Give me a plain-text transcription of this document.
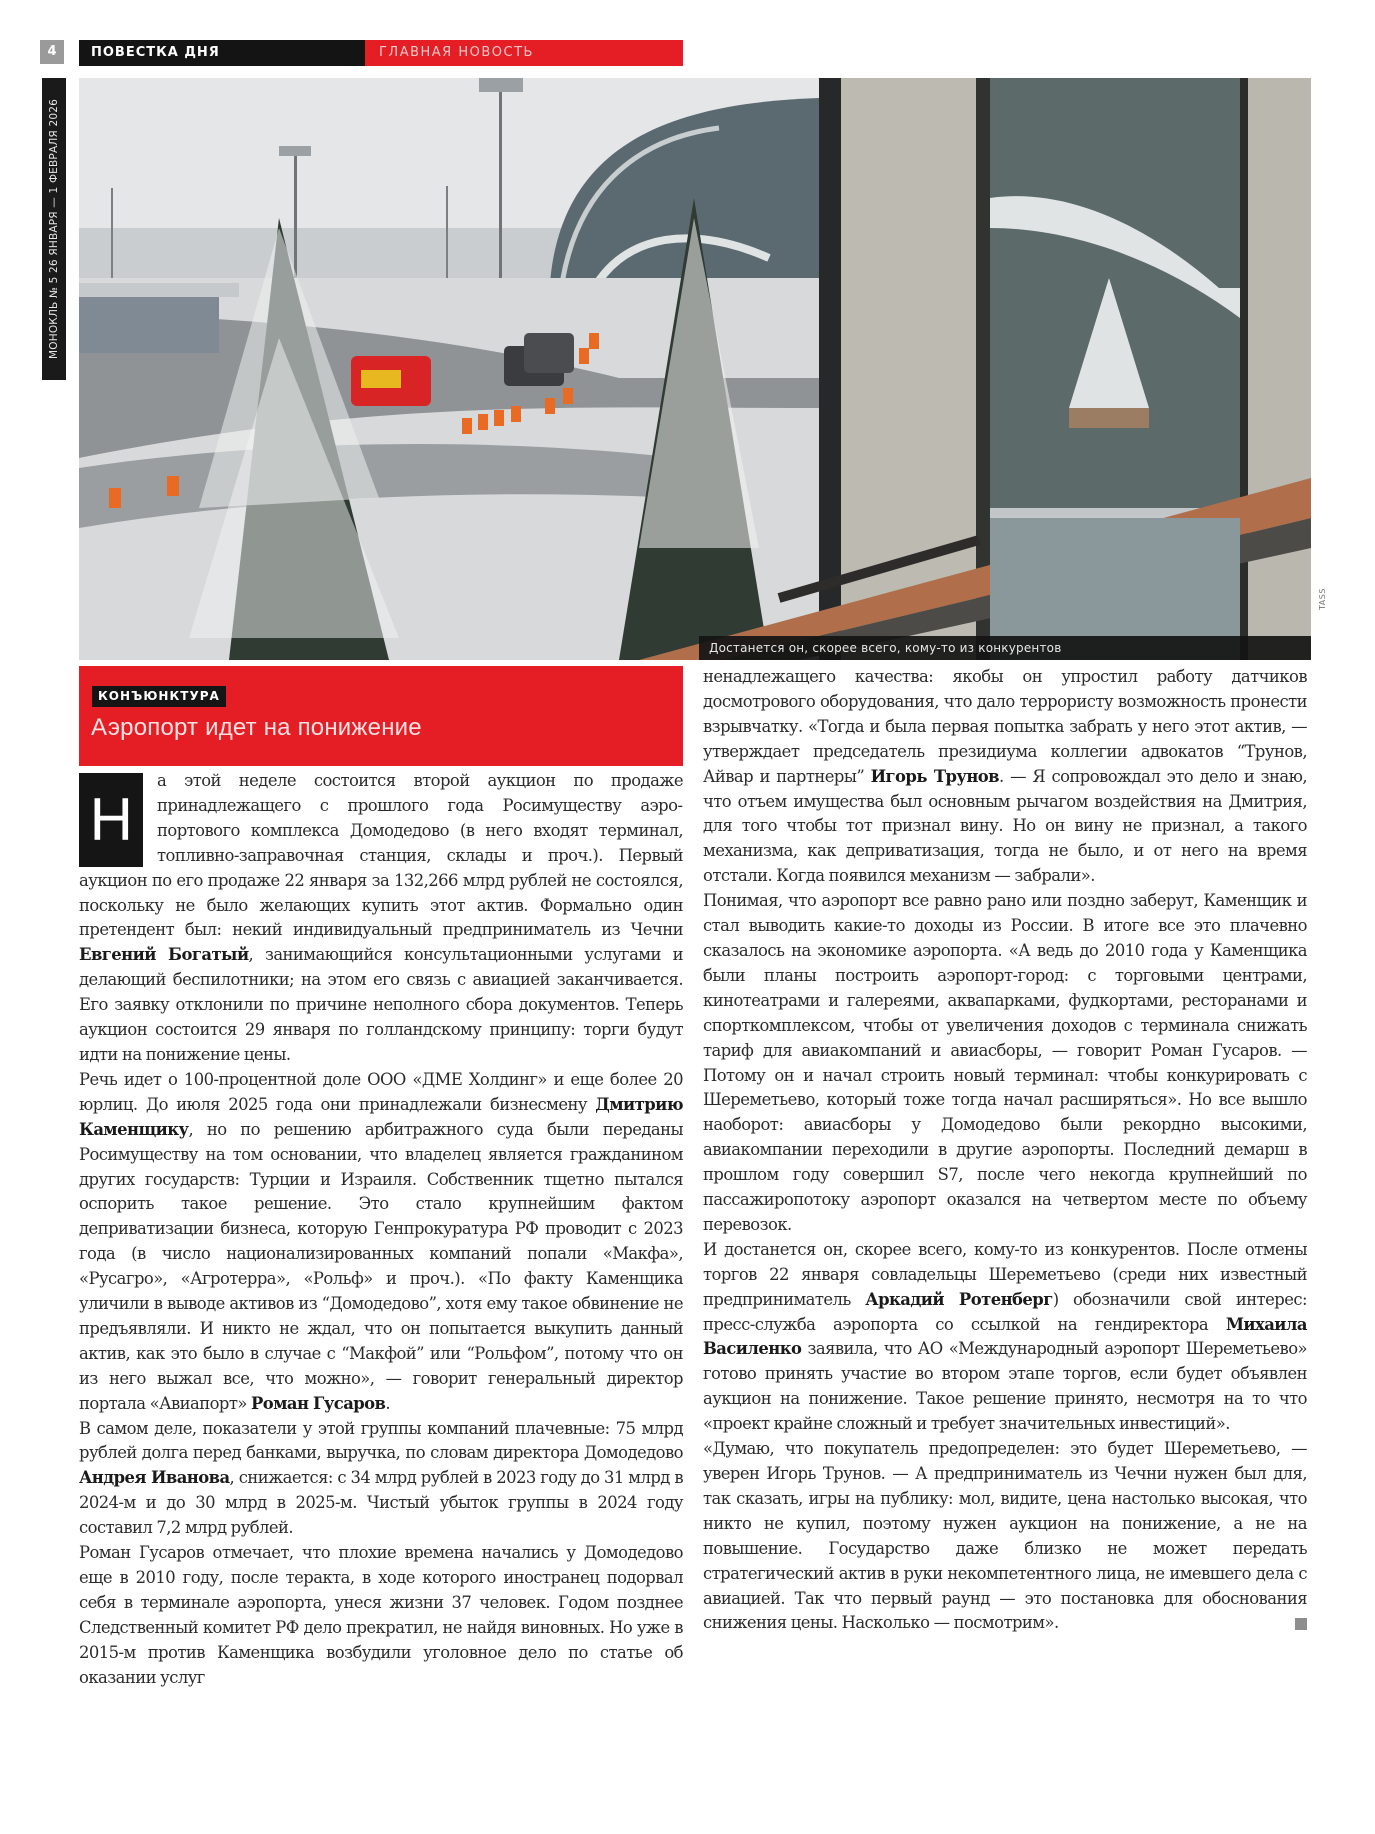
4	ПОВЕСТКА ДНЯ	ГЛАВНАЯ НОВОСТЬ
МОНОКЛЬ № 5 26 ЯНВАРЯ — 1 ФЕВРАЛЯ 2026
TASS
Достанется он, скорее всего, кому-то из конкурентов
КОНЪЮНКТУРА
Аэропорт идет на понижение

Н
а этой неделе состоится второй аукцион по продаже принадлежащего с прошлого года Росимуществу аэропортового комплекса Домодедово (в него входят терминал, топливно-заправочная станция, склады и проч.). Первый аукцион по его продаже 22 января за 132,266 млрд рублей не состоялся, поскольку не было желающих купить этот актив. Формально один претендент был: некий индивидуальный предприниматель из Чечни Евгений Богатый, занимающийся консультационными услугами и делающий беспилотники; на этом его связь с авиацией заканчивается. Его заявку отклонили по причине неполного сбора документов. Теперь аукцион состоится 29 января по голландскому принципу: торги будут идти на понижение цены.

Речь идет о 100-процентной доле ООО «ДМЕ Холдинг» и еще более 20 юрлиц. До июля 2025 года они принадлежали бизнесмену Дмитрию Каменщику, но по решению арбитражного суда были переданы Росимуществу на том основании, что владелец является гражданином других государств: Турции и Израиля. Собственник тщетно пытался оспорить такое решение. Это стало крупнейшим фактом деприватизации бизнеса, которую Генпрокуратура РФ проводит с 2023 года (в число национализированных компаний попали «Макфа», «Русагро», «Агротерра», «Рольф» и проч.). «По факту Каменщика уличили в выводе активов из “Домодедово”, хотя ему такое обвинение не предъявляли. И никто не ждал, что он попытается выкупить данный актив, как это было в случае с “Макфой” или “Рольфом”, потому что он из него выжал все, что можно», — говорит генеральный директор портала «Авиапорт» Роман Гусаров.

В самом деле, показатели у этой группы компаний плачевные: 75 млрд рублей долга перед банками, выручка, по словам директора Домодедово Андрея Иванова, снижается: с 34 млрд рублей в 2023 году до 31 млрд в 2024-м и до 30 млрд в 2025-м. Чистый убыток группы в 2024 году составил 7,2 млрд рублей.

Роман Гусаров отмечает, что плохие времена начались у Домодедово еще в 2010 году, после теракта, в ходе которого иностранец подорвал себя в терминале аэропорта, унеся жизни 37 человек. Годом позднее Следственный комитет РФ дело прекратил, не найдя виновных. Но уже в 2015-м против Каменщика возбудили уголовное дело по статье об оказании услуг

ненадлежащего качества: якобы он упростил работу датчиков досмотрового оборудования, что дало террористу возможность пронести взрывчатку. «Тогда и была первая попытка забрать у него этот актив, — утверждает председатель президиума коллегии адвокатов “Трунов, Айвар и партнеры” Игорь Трунов. — Я сопровождал это дело и знаю, что отъем имущества был основным рычагом воздействия на Дмитрия, для того чтобы тот признал вину. Но он вину не признал, а такого механизма, как деприватизация, тогда не было, и от него на время отстали. Когда появился механизм — забрали».

Понимая, что аэропорт все равно рано или поздно заберут, Каменщик и стал выводить какие-то доходы из России. В итоге все это плачевно сказалось на экономике аэропорта. «А ведь до 2010 года у Каменщика были планы построить аэропорт-город: с торговыми центрами, кинотеатрами и галереями, аквапарками, фудкортами, ресторанами и спорткомплексом, чтобы от увеличения доходов с терминала снижать тариф для авиакомпаний и авиасборы, — говорит Роман Гусаров. — Потому он и начал строить новый терминал: чтобы конкурировать с Шереметьево, который тоже тогда начал расширяться». Но все вышло наоборот: авиасборы у Домодедово были рекордно высокими, авиакомпании переходили в другие аэропорты. Последний демарш в прошлом году совершил S7, после чего некогда крупнейший по пассажиропотоку аэропорт оказался на четвертом месте по объему перевозок.

И достанется он, скорее всего, кому-то из конкурентов. После отмены торгов 22 января совладельцы Шереметьево (среди них известный предприниматель Аркадий Ротенберг) обозначили свой интерес: пресс-служба аэропорта со ссылкой на гендиректора Михаила Василенко заявила, что АО «Международный аэропорт Шереметьево» готово принять участие во втором этапе торгов, если будет объявлен аукцион на понижение. Такое решение принято, несмотря на то что «проект крайне сложный и требует значительных инвестиций».

«Думаю, что покупатель предопределен: это будет Шереметьево, — уверен Игорь Трунов. — А предприниматель из Чечни нужен был для, так сказать, игры на публику: мол, видите, цена настолько высокая, что никто не купил, поэтому нужен аукцион на понижение, а не на повышение. Государство даже близко не может передать стратегический актив в руки некомпетентного лица, не имевшего дела с авиацией. Так что первый раунд — это постановка для обоснования снижения цены. Насколько — посмотрим».
